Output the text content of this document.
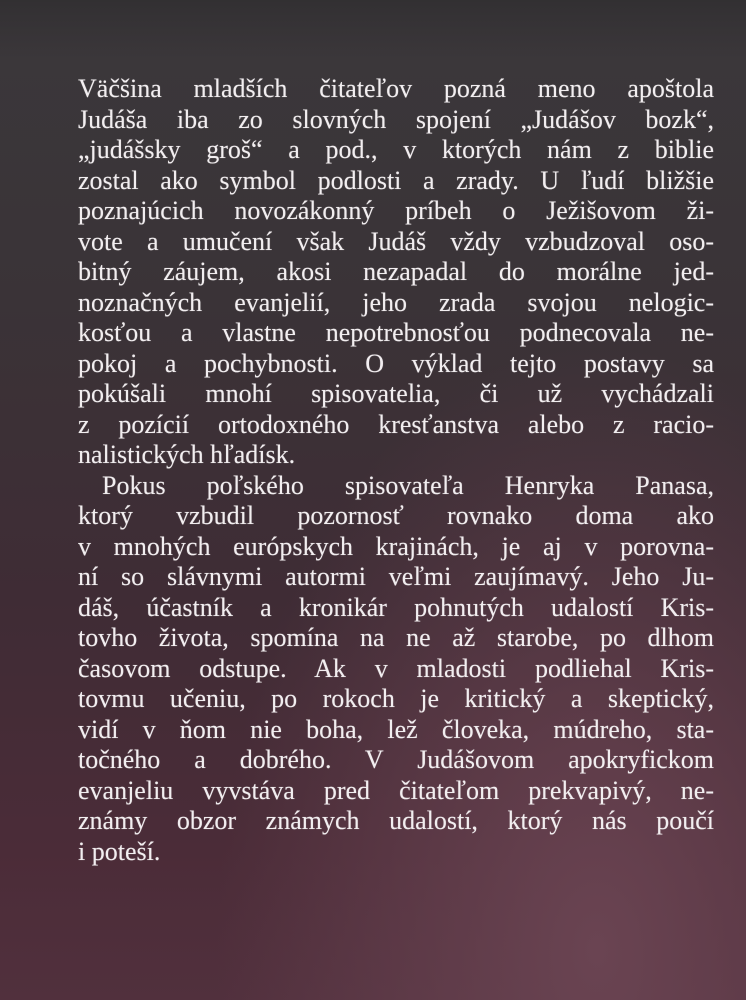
Väčšina mladších čitateľov pozná meno apoštola
Judáša iba zo slovných spojení „Judášov bozk“,
„judášsky groš“ a pod., v ktorých nám z biblie
zostal ako symbol podlosti a zrady. U ľudí bližšie
poznajúcich novozákonný príbeh o Ježišovom ži-
vote a umučení však Judáš vždy vzbudzoval oso-
bitný záujem, akosi nezapadal do morálne jed-
noznačných evanjelií, jeho zrada svojou nelogic-
kosťou a vlastne nepotrebnosťou podnecovala ne-
pokoj a pochybnosti. O výklad tejto postavy sa
pokúšali mnohí spisovatelia, či už vychádzali
z pozícií ortodoxného kresťanstva alebo z racio-
nalistických hľadísk.
Pokus poľského spisovateľa Henryka Panasa,
ktorý vzbudil pozornosť rovnako doma ako
v mnohých európskych krajinách, je aj v porovna-
ní so slávnymi autormi veľmi zaujímavý. Jeho Ju-
dáš, účastník a kronikár pohnutých udalostí Kris-
tovho života, spomína na ne až starobe, po dlhom
časovom odstupe. Ak v mladosti podliehal Kris-
tovmu učeniu, po rokoch je kritický a skeptický,
vidí v ňom nie boha, lež človeka, múdreho, sta-
točného a dobrého. V Judášovom apokryfickom
evanjeliu vyvstáva pred čitateľom prekvapivý, ne-
známy obzor známych udalostí, ktorý nás poučí
i poteší.
